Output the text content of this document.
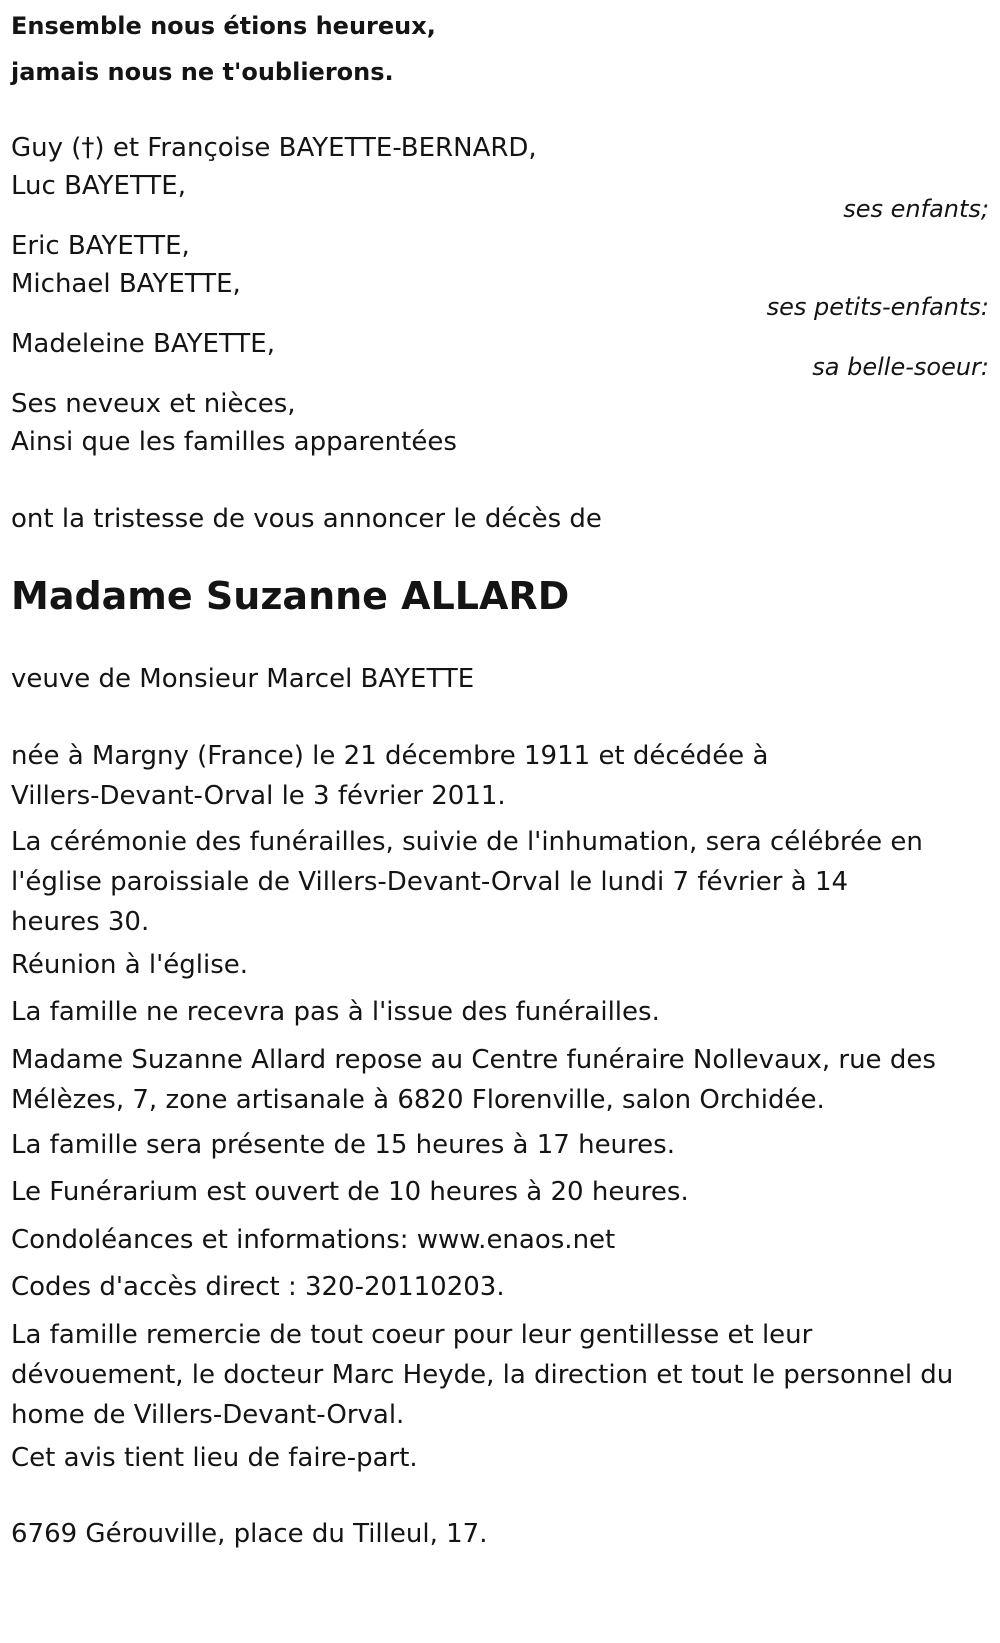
Ensemble nous étions heureux,
jamais nous ne t'oublierons.
Guy (†) et Françoise BAYETTE-BERNARD,
Luc BAYETTE,
ses enfants;
Eric BAYETTE,
Michael BAYETTE,
ses petits-enfants:
Madeleine BAYETTE,
sa belle-soeur:
Ses neveux et nièces,
Ainsi que les familles apparentées
ont la tristesse de vous annoncer le décès de
Madame Suzanne ALLARD
veuve de Monsieur Marcel BAYETTE
née à Margny (France) le 21 décembre 1911 et décédée à Villers-Devant-Orval le 3 février 2011.
La cérémonie des funérailles, suivie de l'inhumation, sera célébrée en l'église paroissiale de Villers-Devant-Orval le lundi 7 février à 14 heures 30.
Réunion à l'église.
La famille ne recevra pas à l'issue des funérailles.
Madame Suzanne Allard repose au Centre funéraire Nollevaux, rue des Mélèzes, 7, zone artisanale à 6820 Florenville, salon Orchidée.
La famille sera présente de 15 heures à 17 heures.
Le Funérarium est ouvert de 10 heures à 20 heures.
Condoléances et informations: www.enaos.net
Codes d'accès direct : 320-20110203.
La famille remercie de tout coeur pour leur gentillesse et leur dévouement, le docteur Marc Heyde, la direction et tout le personnel du home de Villers-Devant-Orval.
Cet avis tient lieu de faire-part.
6769 Gérouville, place du Tilleul, 17.
